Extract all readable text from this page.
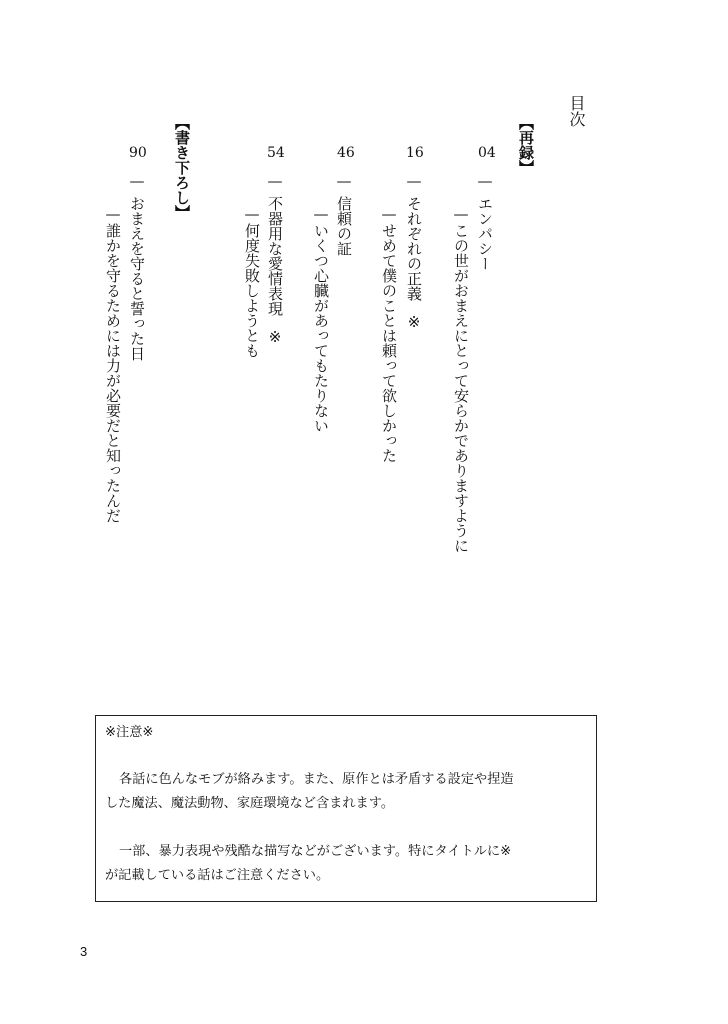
目次
【再録】
04
—
エンパシー
—この世がおまえにとって安らかでありますように
16
—
それぞれの正義
※
—せめて僕のことは頼って欲しかった
46
—
信頼の証
—いくつ心臓があってもたりない
54
—
不器用な愛情表現
※
—何度失敗しようとも
【書き下ろし】
90
—
おまえを守ると誓った日
—誰かを守るためには力が必要だと知ったんだ
※注意※
各話に色んなモブが絡みます。また、原作とは矛盾する設定や捏造
した魔法、魔法動物、家庭環境など含まれます。
一部、暴力表現や残酷な描写などがございます。特にタイトルに※
が記載している話はご注意ください。
3
